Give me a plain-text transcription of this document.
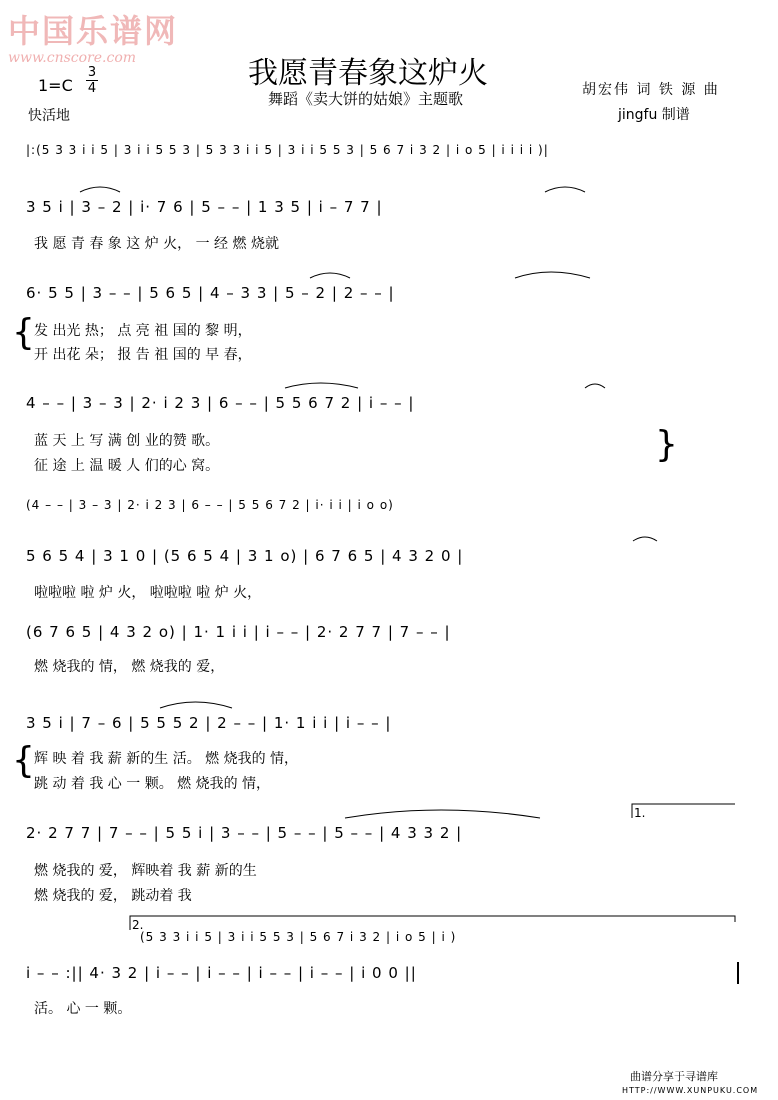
中国乐谱网
www.cnscore.com	我愿青春象这炉火
舞蹈《卖大饼的姑娘》主题歌
1=C
3
4
快活地
胡宏伟 词 铁 源 曲
jingfu 制谱
|:(5 3 3 i i 5 | 3 i i 5 5 3 | 5 3 3 i i 5 | 3 i i 5 5 3 | 5 6 7 i 3 2 | i o 5 | i i i i )|
3 5 i | 3 – 2 | i· 7 6 | 5 – – | 1 3 5 | i – 7 7 |
我 愿 青 春 象 这 炉 火， 一 经 燃 烧就
6· 5 5 | 3 – – | 5 6 5 | 4 – 3 3 | 5 – 2 | 2 – – |
{ 发 出光 热； 点 亮 祖 国的 黎 明，
开 出花 朵； 报 告 祖 国的 早 春，
4 – – | 3 – 3 | 2· i 2 3 | 6 – – | 5 5 6 7 2 | i – – |
蓝 天 上 写 满 创 业的赞 歌。
征 途 上 温 暖 人 们的心 窝。
}
(4 – – | 3 – 3 | 2· i 2 3 | 6 – – | 5 5 6 7 2 | i· i i | i o o)
5 6 5 4 | 3 1 0 | (5 6 5 4 | 3 1 o) | 6 7 6 5 | 4 3 2 0 |
啦啦啦 啦 炉 火， 啦啦啦 啦 炉 火，
(6 7 6 5 | 4 3 2 o) | 1· 1 i i | i – – | 2· 2 7 7 | 7 – – |
燃 烧我的 情， 燃 烧我的 爱，
3 5 i | 7 – 6 | 5 5 5 2 | 2 – – | 1· 1 i i | i – – |
{ 辉 映 着 我 薪 新的生 活。 燃 烧我的 情，
跳 动 着 我 心 一 颗。 燃 烧我的 情，
1.
2· 2 7 7 | 7 – – | 5 5 i | 3 – – | 5 – – | 5 – – | 4 3 3 2 |
燃 烧我的 爱， 辉映着 我 薪 新的生
燃 烧我的 爱， 跳动着 我
2.
(5 3 3 i i 5 | 3 i i 5 5 3 | 5 6 7 i 3 2 | i o 5 | i )
i – – :|| 4· 3 2 | i – – | i – – | i – – | i – – | i 0 0 ||
活。 心 一 颗。
曲谱分享于寻谱库
HTTP://WWW.XUNPUKU.COM
